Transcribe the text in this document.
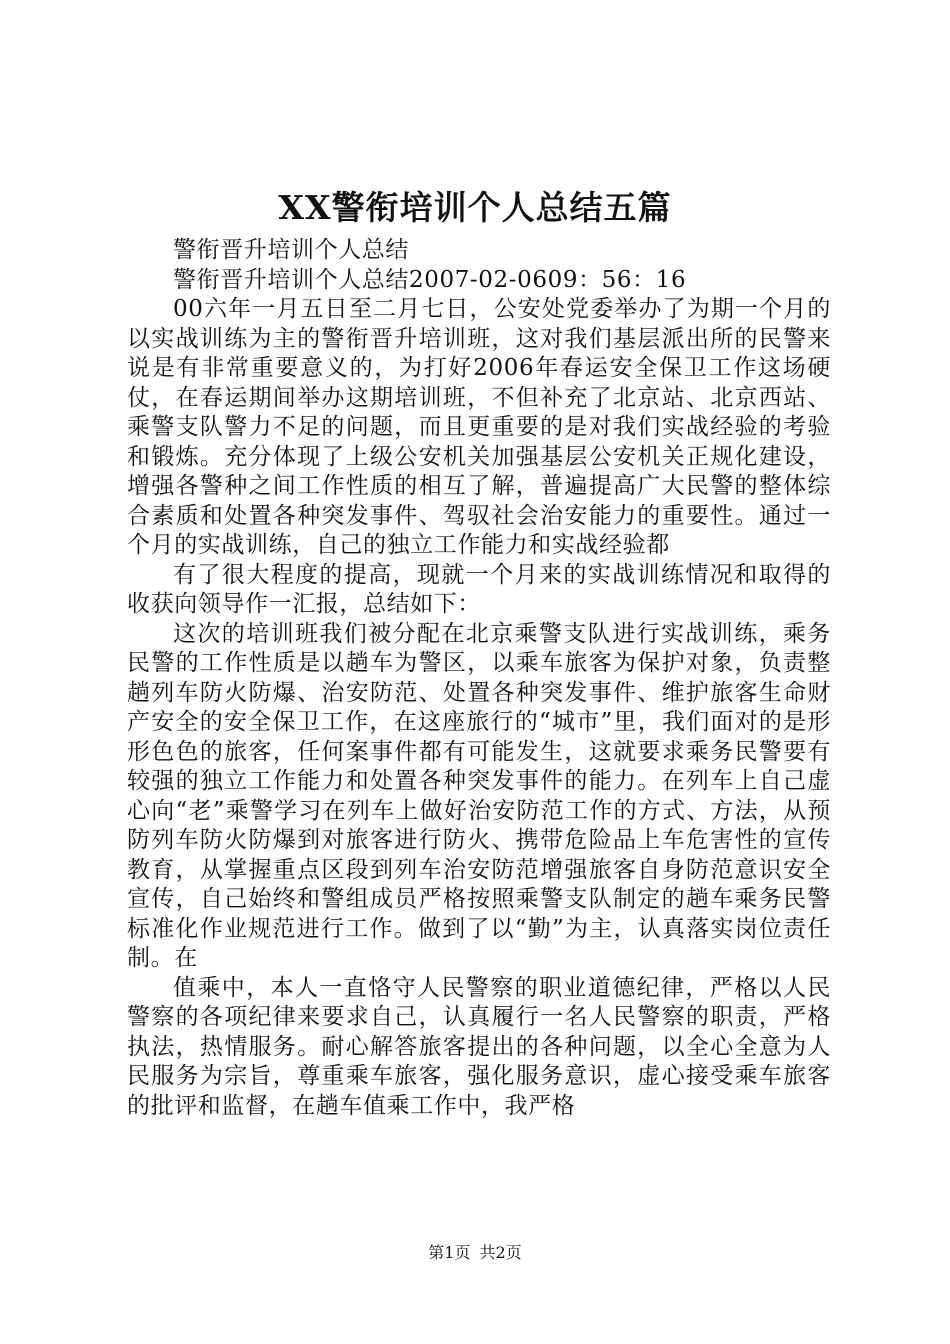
XX警衔培训个人总结五篇

警衔晋升培训个人总结

警衔晋升培训个人总结2007-02-0609：56：16

00六年一月五日至二月七日，公安处党委举办了为期一个月的以实战训练为主的警衔晋升培训班，这对我们基层派出所的民警来说是有非常重要意义的，为打好2006年春运安全保卫工作这场硬仗，在春运期间举办这期培训班，不但补充了北京站、北京西站、乘警支队警力不足的问题，而且更重要的是对我们实战经验的考验和锻炼。充分体现了上级公安机关加强基层公安机关正规化建设，增强各警种之间工作性质的相互了解，普遍提高广大民警的整体综合素质和处置各种突发事件、驾驭社会治安能力的重要性。通过一个月的实战训练，自己的独立工作能力和实战经验都

有了很大程度的提高，现就一个月来的实战训练情况和取得的收获向领导作一汇报，总结如下：

这次的培训班我们被分配在北京乘警支队进行实战训练，乘务民警的工作性质是以趟车为警区，以乘车旅客为保护对象，负责整趟列车防火防爆、治安防范、处置各种突发事件、维护旅客生命财产安全的安全保卫工作，在这座旅行的“城市”里，我们面对的是形形色色的旅客，任何案事件都有可能发生，这就要求乘务民警要有较强的独立工作能力和处置各种突发事件的能力。在列车上自己虚心向“老”乘警学习在列车上做好治安防范工作的方式、方法，从预防列车防火防爆到对旅客进行防火、携带危险品上车危害性的宣传教育，从掌握重点区段到列车治安防范增强旅客自身防范意识安全宣传，自己始终和警组成员严格按照乘警支队制定的趟车乘务民警标准化作业规范进行工作。做到了以“勤”为主，认真落实岗位责任制。在

值乘中，本人一直恪守人民警察的职业道德纪律，严格以人民警察的各项纪律来要求自己，认真履行一名人民警察的职责，严格执法，热情服务。耐心解答旅客提出的各种问题，以全心全意为人民服务为宗旨，尊重乘车旅客，强化服务意识，虚心接受乘车旅客的批评和监督，在趟车值乘工作中，我严格

第1页 共2页
